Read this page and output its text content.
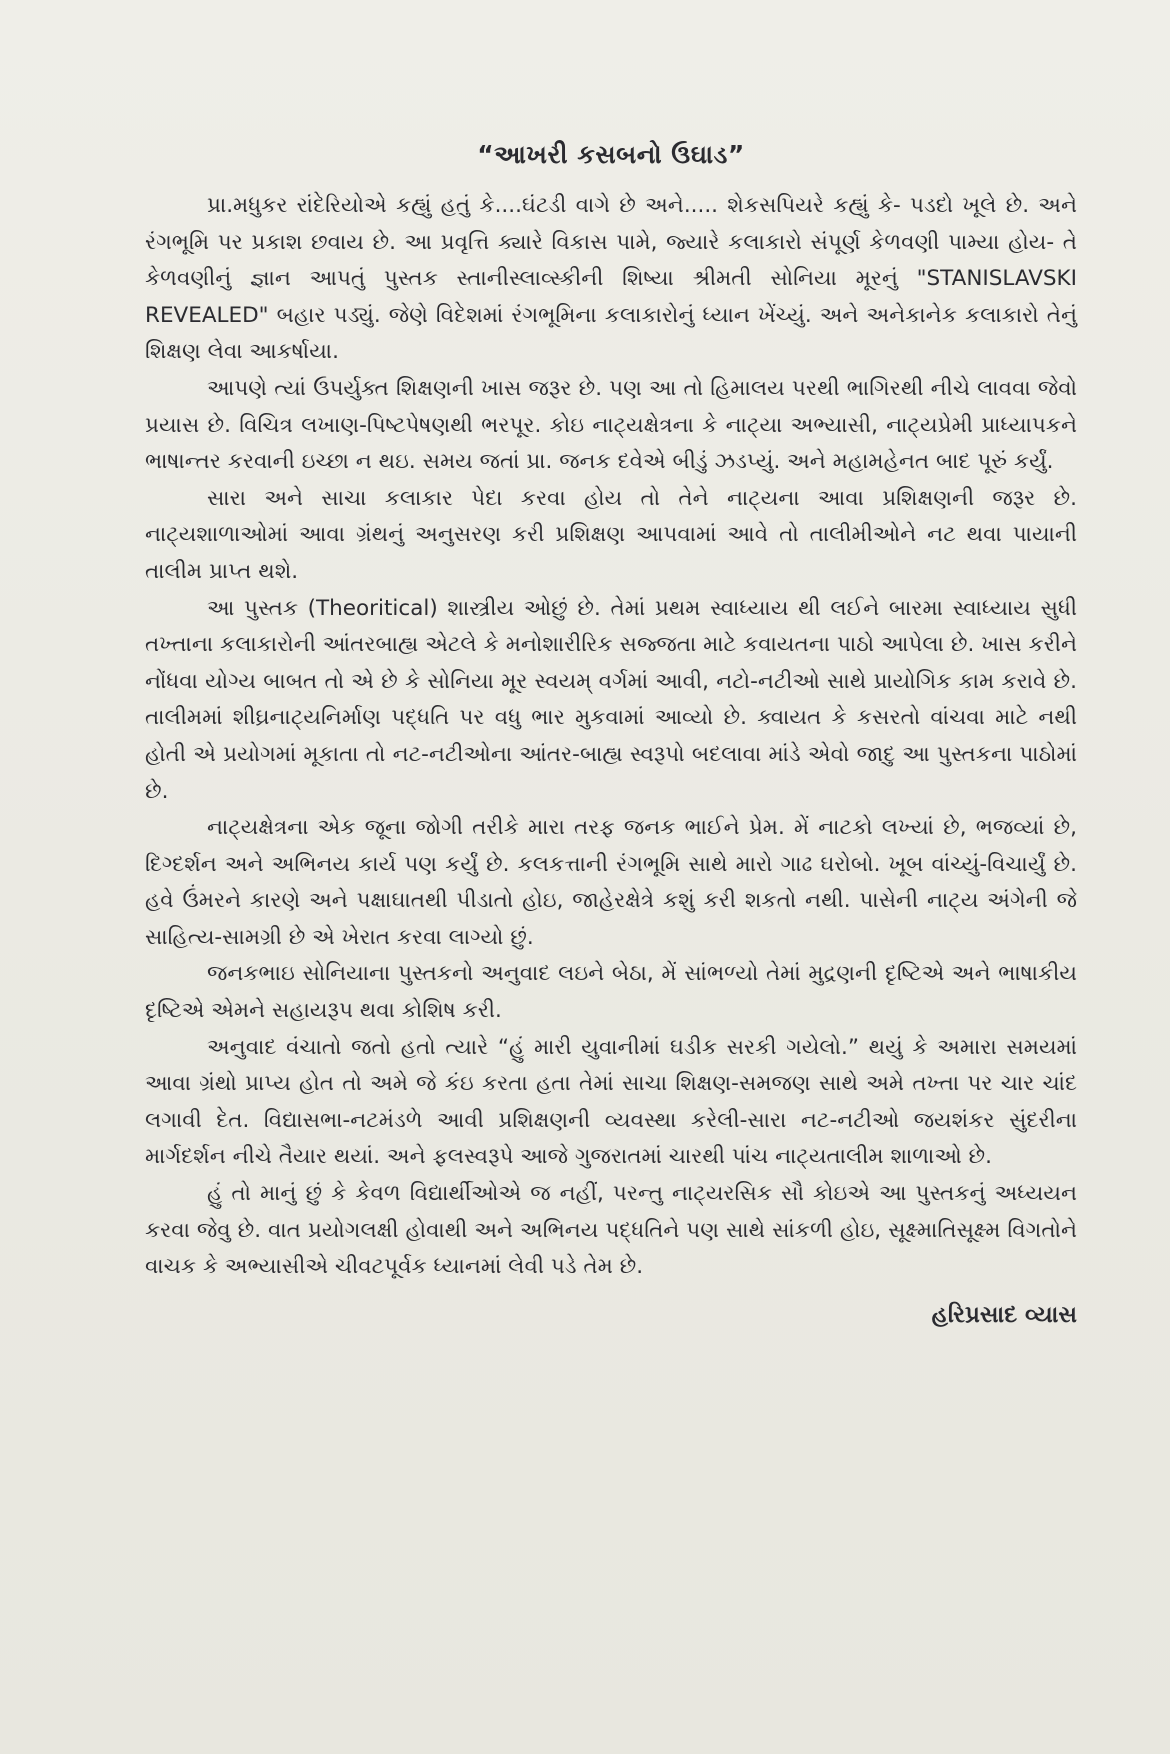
“આખરી કસબનો ઉઘાડ”

પ્રા.મધુકર રાંદેરિયોએ કહ્યું હતું કે....ઘંટડી વાગે છે અને..... શેકસપિયરે કહ્યું કે- પડદો ખૂલે છે. અને રંગભૂમિ પર પ્રકાશ છવાય છે. આ પ્રવૃત્તિ ક્યારે વિકાસ પામે, જ્યારે કલાકારો સંપૂર્ણ કેળવણી પામ્યા હોય- તે કેળવણીનું જ્ઞાન આપતું પુસ્તક સ્તાનીસ્લાવ્સ્કીની શિષ્યા શ્રીમતી સોનિયા મૂરનું "STANISLAVSKI REVEALED" બહાર પડ્યું. જેણે વિદેશમાં રંગભૂમિના કલાકારોનું ધ્યાન ખેંચ્યું. અને અનેકાનેક કલાકારો તેનું શિક્ષણ લેવા આકર્ષાયા.

આપણે ત્યાં ઉપર્યુક્ત શિક્ષણની ખાસ જરૂર છે. પણ આ તો હિમાલય પરથી ભાગિરથી નીચે લાવવા જેવો પ્રયાસ છે. વિચિત્ર લખાણ-પિષ્ટપેષણથી ભરપૂર. કોઇ નાટ્યક્ષેત્રના કે નાટ્યા અભ્યાસી, નાટ્યપ્રેમી પ્રાધ્યાપકને ભાષાન્તર કરવાની ઇચ્છા ન થઇ. સમય જતાં પ્રા. જનક દવેએ બીડું ઝડપ્યું. અને મહામહેનત બાદ પૂરું કર્યું.

સારા અને સાચા કલાકાર પેદા કરવા હોય તો તેને નાટ્યના આવા પ્રશિક્ષણની જરૂર છે. નાટ્યશાળાઓમાં આવા ગ્રંથનું અનુસરણ કરી પ્રશિક્ષણ આપવામાં આવે તો તાલીમીઓને નટ થવા પાયાની તાલીમ પ્રાપ્ત થશે.

આ પુસ્તક (Theoritical) શાસ્ત્રીય ઓછું છે. તેમાં પ્રથમ સ્વાધ્યાય થી લઈને બારમા સ્વાધ્યાય સુધી તખ્તાના કલાકારોની આંતરબાહ્ય એટલે કે મનોશારીરિક સજ્જતા માટે કવાયતના પાઠો આપેલા છે. ખાસ કરીને નોંધવા યોગ્ય બાબત તો એ છે કે સોનિયા મૂર સ્વયમ્ વર્ગમાં આવી, નટો-નટીઓ સાથે પ્રાયોગિક કામ કરાવે છે. તાલીમમાં શીઘ્રનાટ્યનિર્માણ પદ્ધતિ પર વધુ ભાર મુકવામાં આવ્યો છે. ક્વાયત કે કસરતો વાંચવા માટે નથી હોતી એ પ્રયોગમાં મૂકાતા તો નટ-નટીઓના આંતર-બાહ્ય સ્વરૂપો બદલાવા માંડે એવો જાદુ આ પુસ્તકના પાઠોમાં છે.

નાટ્યક્ષેત્રના એક જૂના જોગી તરીકે મારા તરફ જનક ભાઈને પ્રેમ. મેં નાટકો લખ્યાં છે, ભજવ્યાં છે, દિગ્દર્શન અને અભિનય કાર્ય પણ કર્યું છે. કલકત્તાની રંગભૂમિ સાથે મારો ગાઢ ઘરોબો. ખૂબ વાંચ્યું-વિચાર્યું છે. હવે ઉંમરને કારણે અને પક્ષાઘાતથી પીડાતો હોઇ, જાહેરક્ષેત્રે કશું કરી શકતો નથી. પાસેની નાટ્ય અંગેની જે સાહિત્ય-સામગ્રી છે એ ખેરાત કરવા લાગ્યો છું.

જનકભાઇ સોનિયાના પુસ્તકનો અનુવાદ લઇને બેઠા, મેં સાંભળ્યો તેમાં મુદ્રણની દૃષ્ટિએ અને ભાષાકીય દૃષ્ટિએ એમને સહાયરૂપ થવા કોશિષ કરી.

અનુવાદ વંચાતો જતો હતો ત્યારે “હું મારી યુવાનીમાં ઘડીક સરકી ગયેલો.” થયું કે અમારા સમયમાં આવા ગ્રંથો પ્રાપ્ય હોત તો અમે જે કંઇ કરતા હતા તેમાં સાચા શિક્ષણ-સમજણ સાથે અમે તખ્તા પર ચાર ચાંદ લગાવી દેત. વિદ્યાસભા-નટમંડળે આવી પ્રશિક્ષણની વ્યવસ્થા કરેલી-સારા નટ-નટીઓ જયશંકર સુંદરીના માર્ગદર્શન નીચે તૈયાર થયાં. અને ફલસ્વરૂપે આજે ગુજરાતમાં ચારથી પાંચ નાટ્યતાલીમ શાળાઓ છે.

હું તો માનું છું કે કેવળ વિદ્યાર્થીઓએ જ નહીં, પરન્તુ નાટ્યરસિક સૌ કોઇએ આ પુસ્તકનું અધ્યયન કરવા જેવુ છે. વાત પ્રયોગલક્ષી હોવાથી અને અભિનય પદ્ધતિને પણ સાથે સાંકળી હોઇ, સૂક્ષ્માતિસૂક્ષ્મ વિગતોને વાચક કે અભ્યાસીએ ચીવટપૂર્વક ધ્યાનમાં લેવી પડે તેમ છે.

હરિપ્રસાદ વ્યાસ
